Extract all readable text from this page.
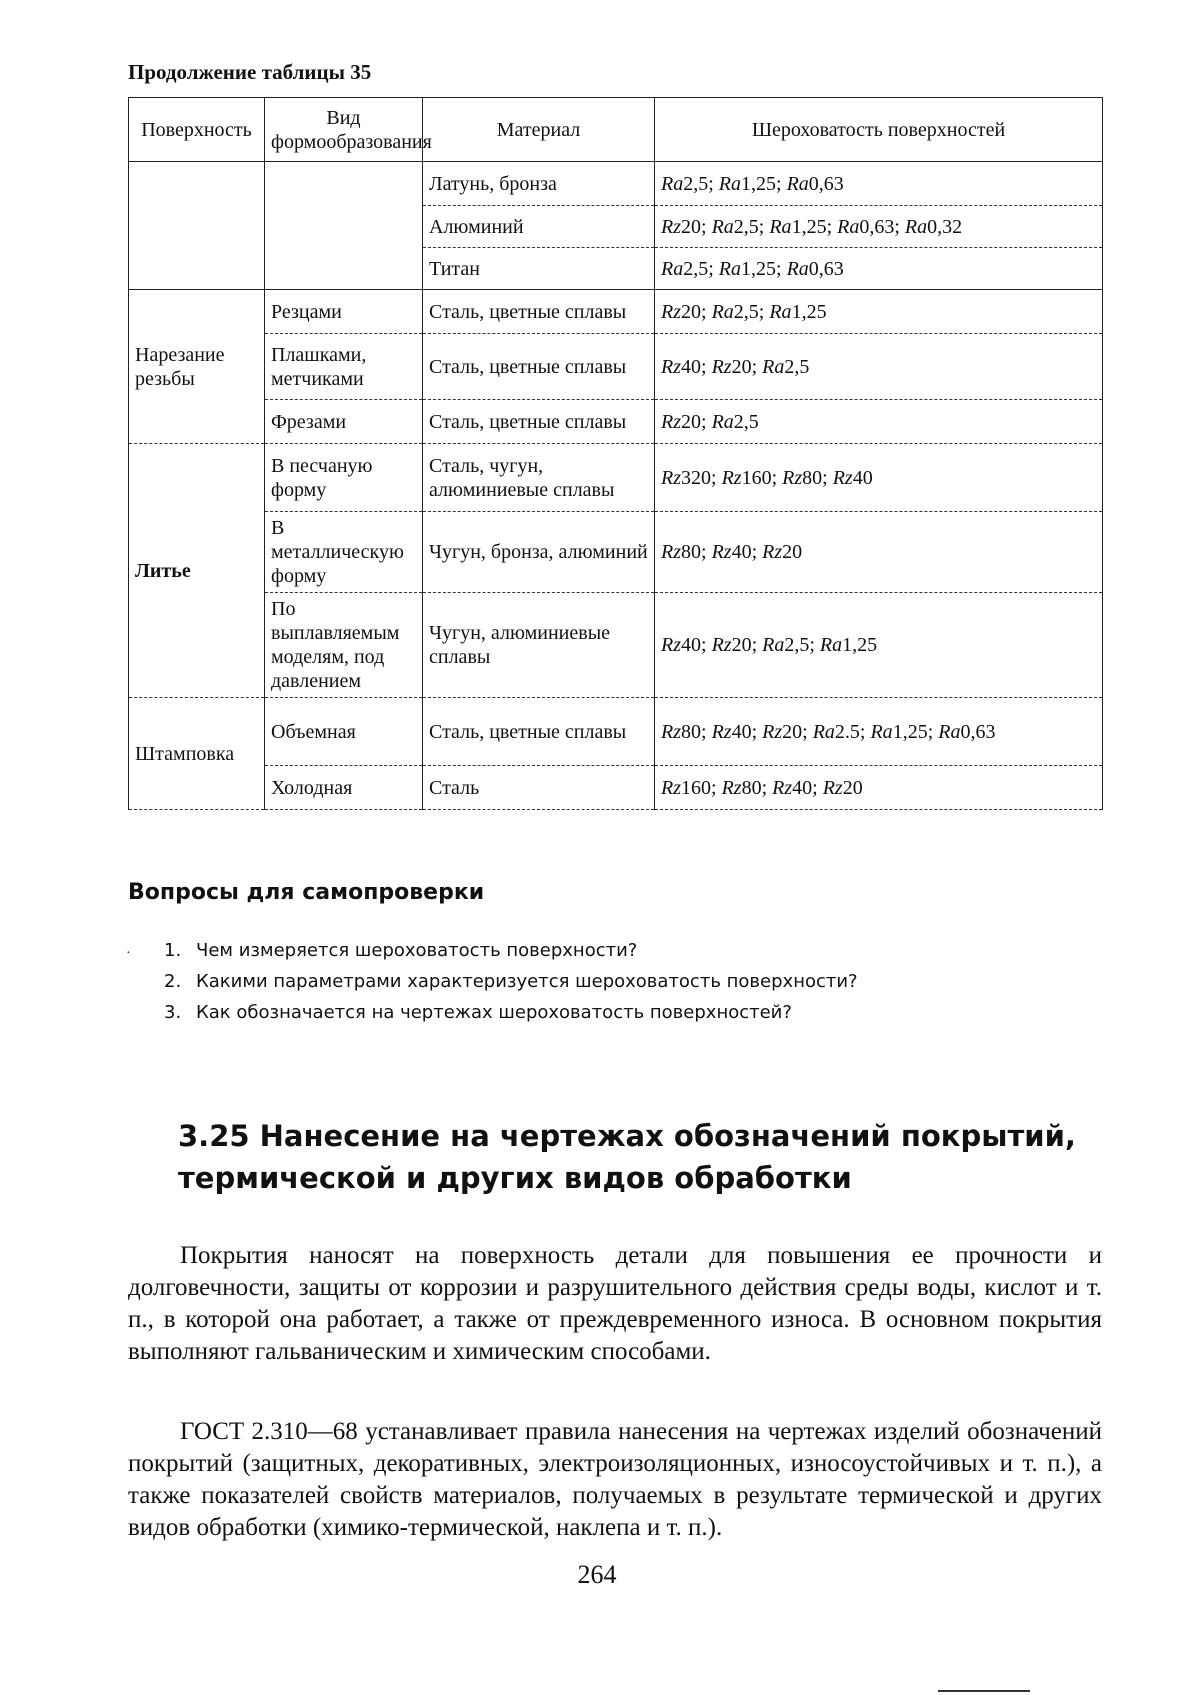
Продолжение таблицы 35
Поверхность	Вид формообразования	Материал	Шероховатость поверхностей
		Латунь, бронза	Ra2,5; Ra1,25; Ra0,63
		Алюминий	Rz20; Ra2,5; Ra1,25; Ra0,63; Ra0,32
		Титан	Ra2,5; Ra1,25; Ra0,63
Нарезание резьбы	Резцами	Сталь, цветные сплавы	Rz20; Ra2,5; Ra1,25
	Плашками, метчиками	Сталь, цветные сплавы	Rz40; Rz20; Ra2,5
	Фрезами	Сталь, цветные сплавы	Rz20; Ra2,5
Литье	В песчаную форму	Сталь, чугун, алюминиевые сплавы	Rz320; Rz160; Rz80; Rz40
	В металлическую форму	Чугун, бронза, алюминий	Rz80; Rz40; Rz20
	По выплавляемым моделям, под давлением	Чугун, алюминиевые сплавы	Rz40; Rz20; Ra2,5; Ra1,25
Штамповка	Объемная	Сталь, цветные сплавы	Rz80; Rz40; Rz20; Ra2.5; Ra1,25; Ra0,63
	Холодная	Сталь	Rz160; Rz80; Rz40; Rz20
Вопросы для самопроверки
· 1. Чем измеряется шероховатость поверхности?
2. Какими параметрами характеризуется шероховатость поверхности?
3. Как обозначается на чертежах шероховатость поверхностей?
3.25 Нанесение на чертежах обозначений покрытий, термической и других видов обработки

Покрытия наносят на поверхность детали для повышения ее прочности и долговечности, защиты от коррозии и разрушительного действия среды воды, кислот и т. п., в которой она работает, а также от преждевременного износа. В основном покрытия выполняют гальваническим и химическим способами.

ГОСТ 2.310—68 устанавливает правила нанесения на чертежах изделий обозначений покрытий (защитных, декоративных, электроизоляционных, износоустойчивых и т. п.), а также показателей свойств материалов, получаемых в результате термической и других видов обработки (химико-термической, наклепа и т. п.).

264
